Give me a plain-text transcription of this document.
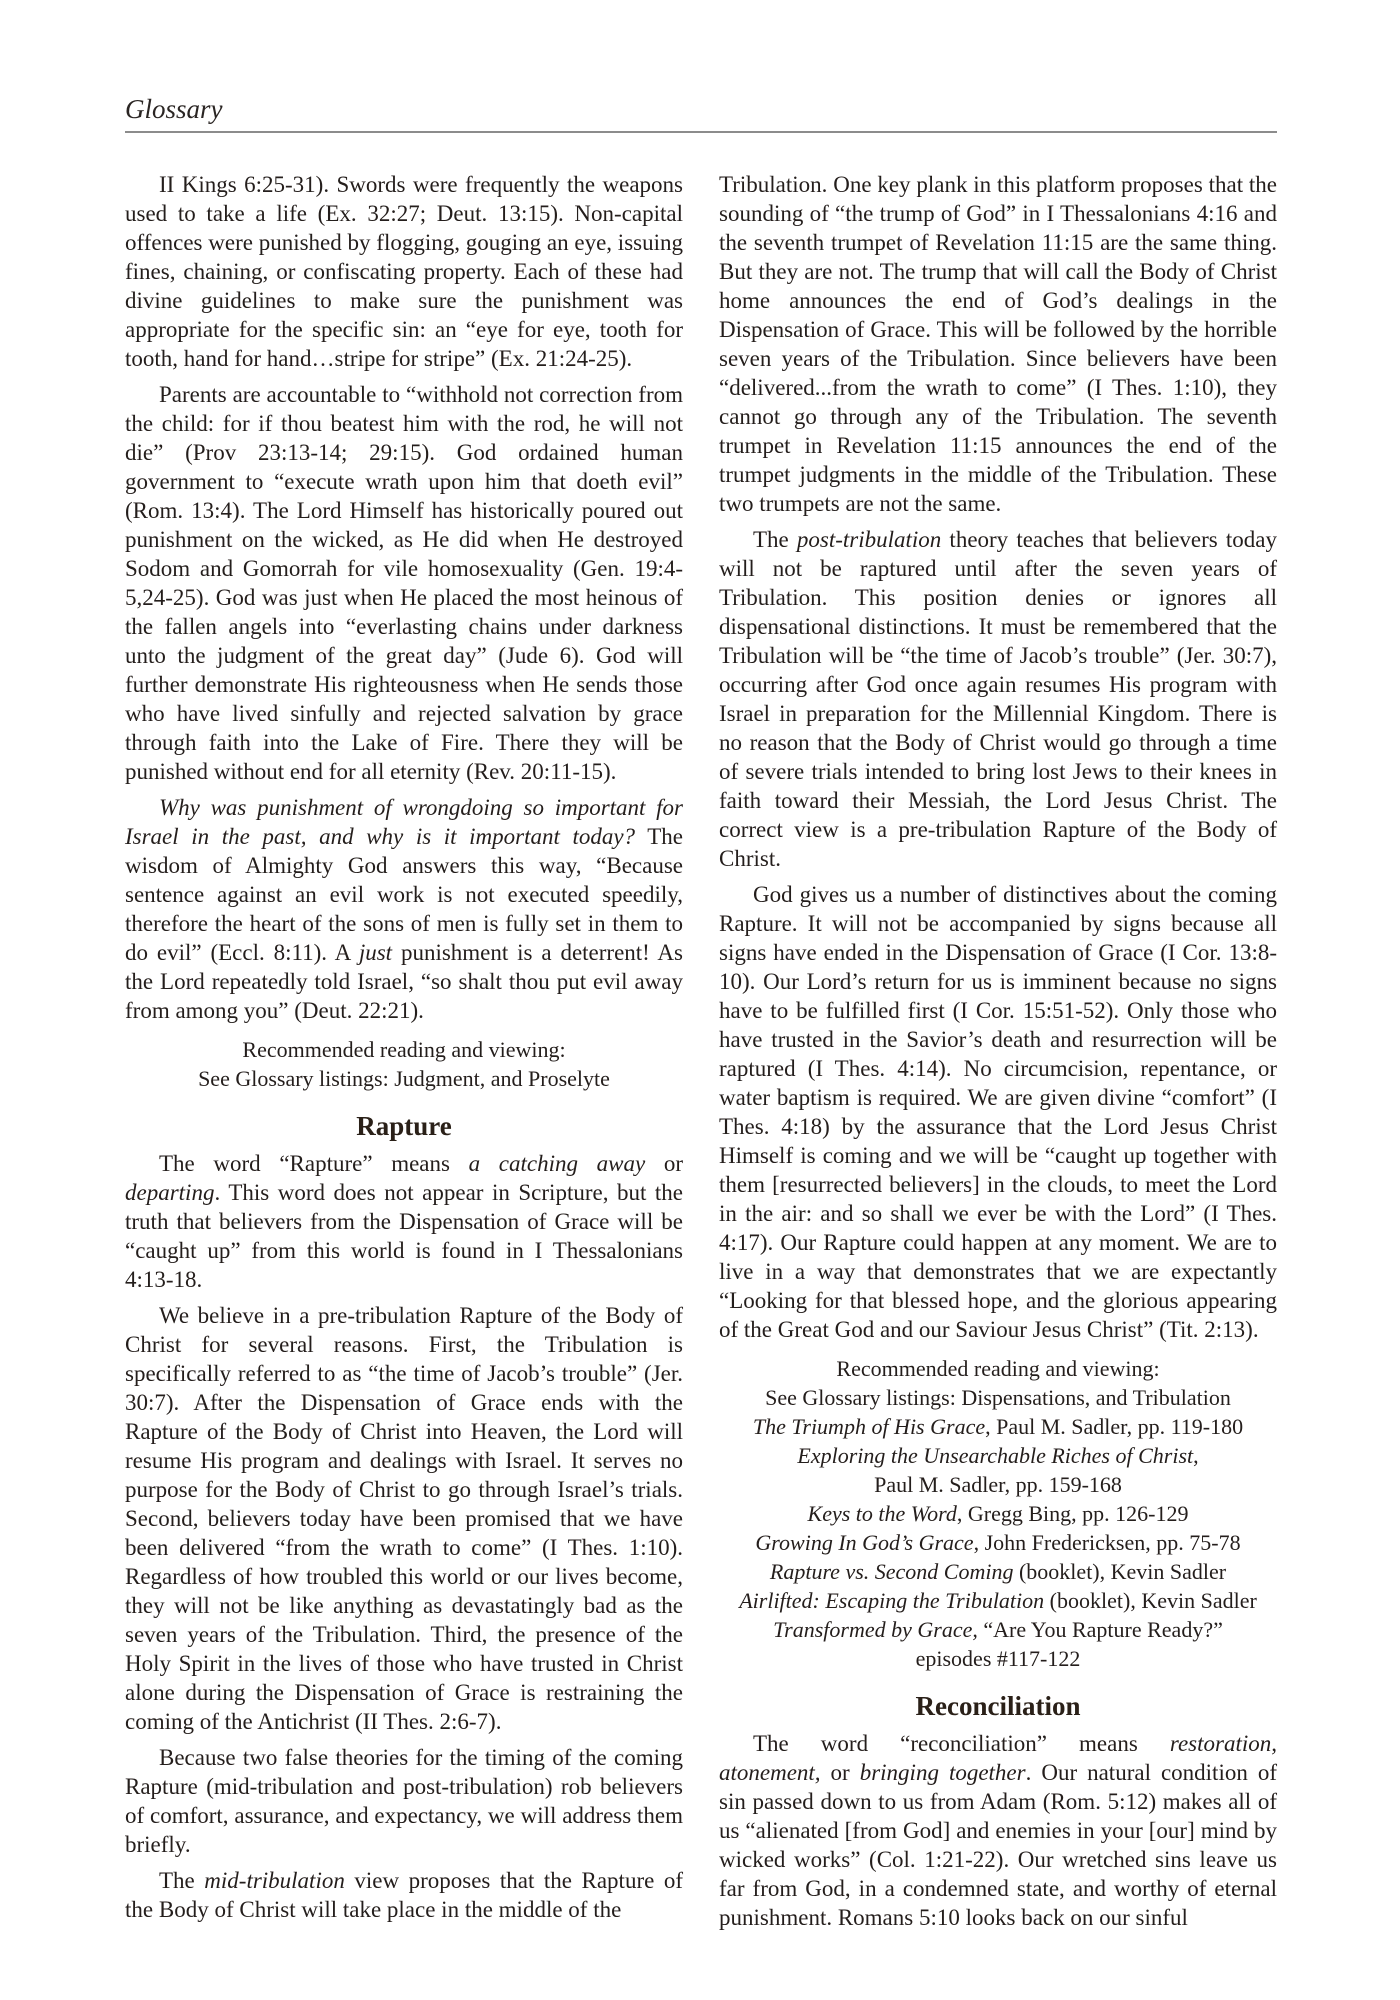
Glossary

II Kings 6:25-31). Swords were frequently the weapons used to take a life (Ex. 32:27; Deut. 13:15). Non-capital offences were punished by flogging, gouging an eye, issuing fines, chaining, or confiscating property. Each of these had divine guidelines to make sure the punishment was appropriate for the specific sin: an “eye for eye, tooth for tooth, hand for hand…stripe for stripe” (Ex. 21:24-25).

Parents are accountable to “withhold not correction from the child: for if thou beatest him with the rod, he will not die” (Prov 23:13-14; 29:15). God ordained human government to “execute wrath upon him that doeth evil” (Rom. 13:4). The Lord Himself has historically poured out punishment on the wicked, as He did when He destroyed Sodom and Gomorrah for vile homosexuality (Gen. 19:4-5,24-25). God was just when He placed the most heinous of the fallen angels into “everlasting chains under darkness unto the judgment of the great day” (Jude 6). God will further demonstrate His righteousness when He sends those who have lived sinfully and rejected salvation by grace through faith into the Lake of Fire. There they will be punished without end for all eternity (Rev. 20:11-15).

Why was punishment of wrongdoing so important for Israel in the past, and why is it important today? The wisdom of Almighty God answers this way, “Because sentence against an evil work is not executed speedily, therefore the heart of the sons of men is fully set in them to do evil” (Eccl. 8:11). A just punishment is a deterrent! As the Lord repeatedly told Israel, “so shalt thou put evil away from among you” (Deut. 22:21).

Recommended reading and viewing:
See Glossary listings: Judgment, and Proselyte
Rapture

The word “Rapture” means a catching away or departing. This word does not appear in Scripture, but the truth that believers from the Dispensation of Grace will be “caught up” from this world is found in I Thessalonians 4:13-18.

We believe in a pre-tribulation Rapture of the Body of Christ for several reasons. First, the Tribulation is specifically referred to as “the time of Jacob’s trouble” (Jer. 30:7). After the Dispensation of Grace ends with the Rapture of the Body of Christ into Heaven, the Lord will resume His program and dealings with Israel. It serves no purpose for the Body of Christ to go through Israel’s trials. Second, believers today have been promised that we have been delivered “from the wrath to come” (I Thes. 1:10). Regardless of how troubled this world or our lives become, they will not be like anything as devastatingly bad as the seven years of the Tribulation. Third, the presence of the Holy Spirit in the lives of those who have trusted in Christ alone during the Dispensation of Grace is restraining the coming of the Antichrist (II Thes. 2:6-7).

Because two false theories for the timing of the coming Rapture (mid-tribulation and post-tribulation) rob believers of comfort, assurance, and expectancy, we will address them briefly.

The mid-tribulation view proposes that the Rapture of the Body of Christ will take place in the middle of the

Tribulation. One key plank in this platform proposes that the sounding of “the trump of God” in I Thessalonians 4:16 and the seventh trumpet of Revelation 11:15 are the same thing. But they are not. The trump that will call the Body of Christ home announces the end of God’s dealings in the Dispensation of Grace. This will be followed by the horrible seven years of the Tribulation. Since believers have been “delivered...from the wrath to come” (I Thes. 1:10), they cannot go through any of the Tribulation. The seventh trumpet in Revelation 11:15 announces the end of the trumpet judgments in the middle of the Tribulation. These two trumpets are not the same.

The post-tribulation theory teaches that believers today will not be raptured until after the seven years of Tribulation. This position denies or ignores all dispensational distinctions. It must be remembered that the Tribulation will be “the time of Jacob’s trouble” (Jer. 30:7), occurring after God once again resumes His program with Israel in preparation for the Millennial Kingdom. There is no reason that the Body of Christ would go through a time of severe trials intended to bring lost Jews to their knees in faith toward their Messiah, the Lord Jesus Christ. The correct view is a pre-tribulation Rapture of the Body of Christ.

God gives us a number of distinctives about the coming Rapture. It will not be accompanied by signs because all signs have ended in the Dispensation of Grace (I Cor. 13:8-10). Our Lord’s return for us is imminent because no signs have to be fulfilled first (I Cor. 15:51-52). Only those who have trusted in the Savior’s death and resurrection will be raptured (I Thes. 4:14). No circumcision, repentance, or water baptism is required. We are given divine “comfort” (I Thes. 4:18) by the assurance that the Lord Jesus Christ Himself is coming and we will be “caught up together with them [resurrected believers] in the clouds, to meet the Lord in the air: and so shall we ever be with the Lord” (I Thes. 4:17). Our Rapture could happen at any moment. We are to live in a way that demonstrates that we are expectantly “Looking for that blessed hope, and the glorious appearing of the Great God and our Saviour Jesus Christ” (Tit. 2:13).

Recommended reading and viewing:
See Glossary listings: Dispensations, and Tribulation
The Triumph of His Grace, Paul M. Sadler, pp. 119-180
Exploring the Unsearchable Riches of Christ,
Paul M. Sadler, pp. 159-168
Keys to the Word, Gregg Bing, pp. 126-129
Growing In God’s Grace, John Fredericksen, pp. 75-78
Rapture vs. Second Coming (booklet), Kevin Sadler
Airlifted: Escaping the Tribulation (booklet), Kevin Sadler
Transformed by Grace, “Are You Rapture Ready?”
episodes #117-122
Reconciliation

The word “reconciliation” means restoration, atonement, or bringing together. Our natural condition of sin passed down to us from Adam (Rom. 5:12) makes all of us “alienated [from God] and enemies in your [our] mind by wicked works” (Col. 1:21-22). Our wretched sins leave us far from God, in a condemned state, and worthy of eternal punishment. Romans 5:10 looks back on our sinful
